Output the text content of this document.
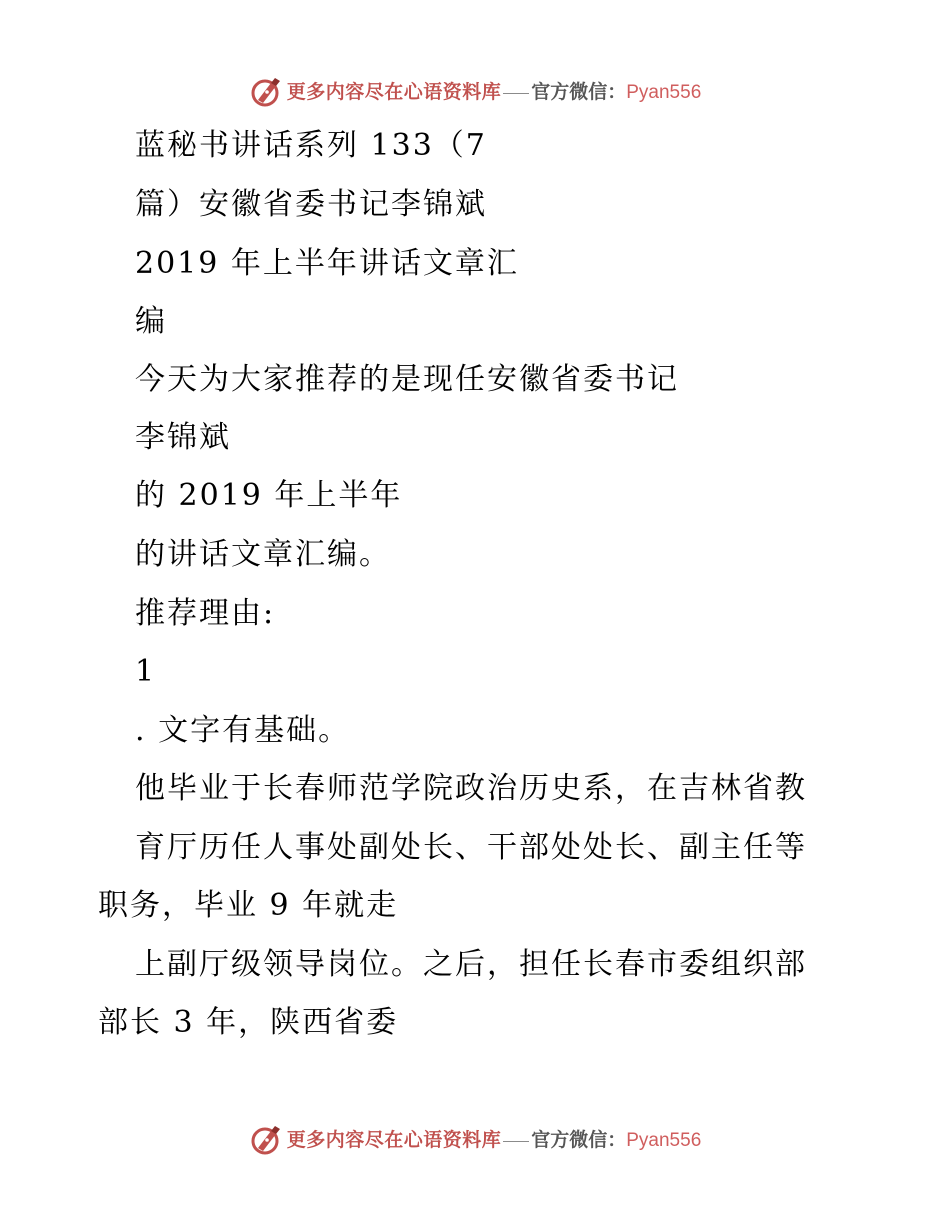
更多内容尽在心语资料库 官方微信： Pyan556
蓝秘书讲话系列 133（7
篇）安徽省委书记李锦斌
2019 年上半年讲话文章汇
编
今天为大家推荐的是现任安徽省委书记
李锦斌
的 2019 年上半年
的讲话文章汇编。
推荐理由:
1
. 文字有基础。
他毕业于长春师范学院政治历史系，在吉林省教
育厅历任人事处副处长、干部处处长、副主任等
职务，毕业 9 年就走
上副厅级领导岗位。之后，担任长春市委组织部
部长 3 年，陕西省委
更多内容尽在心语资料库 官方微信： Pyan556
